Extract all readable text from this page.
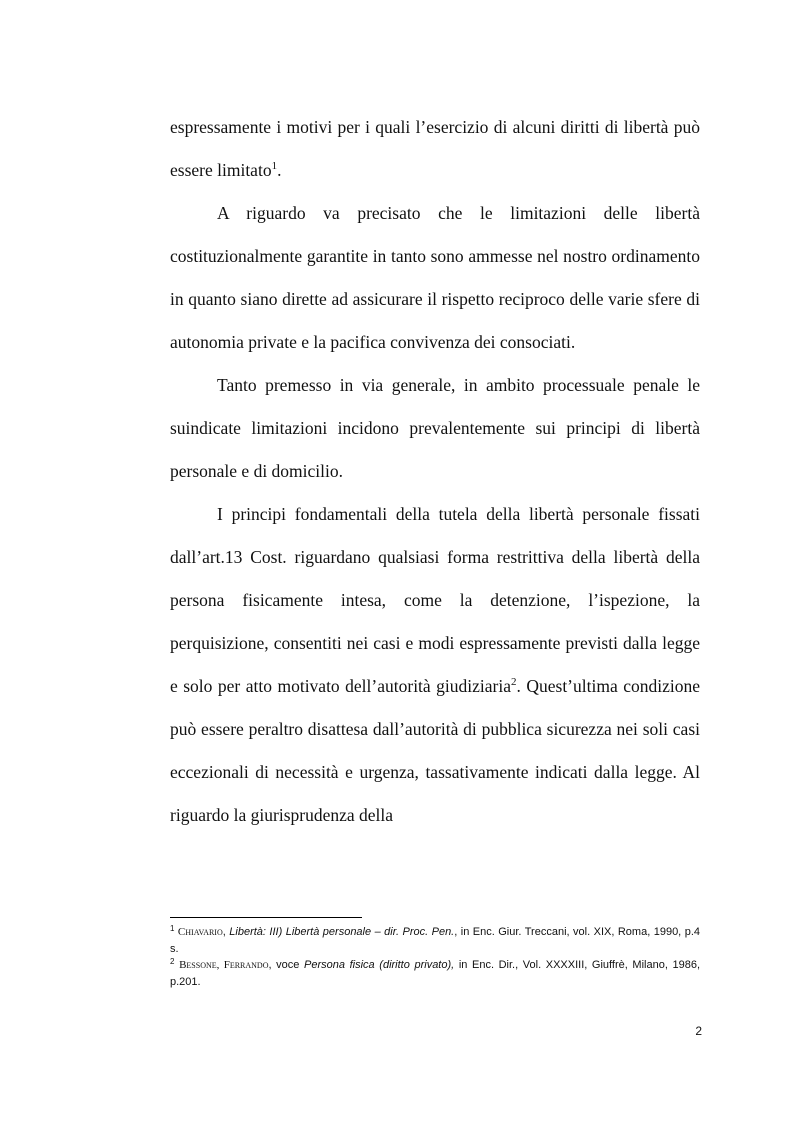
espressamente i motivi per i quali l’esercizio di alcuni diritti di libertà può essere limitato$^1$.

A riguardo va precisato che le limitazioni delle libertà costituzionalmente garantite in tanto sono ammesse nel nostro ordinamento in quanto siano dirette ad assicurare il rispetto reciproco delle varie sfere di autonomia private e la pacifica convivenza dei consociati.

Tanto premesso in via generale, in ambito processuale penale le suindicate limitazioni incidono prevalentemente sui principi di libertà personale e di domicilio.

I principi fondamentali della tutela della libertà personale fissati dall’art.13 Cost. riguardano qualsiasi forma restrittiva della libertà della persona fisicamente intesa, come la detenzione, l’ispezione, la perquisizione, consentiti nei casi e modi espressamente previsti dalla legge e solo per atto motivato dell’autorità giudiziaria$^2$. Quest’ultima condizione può essere peraltro disattesa dall’autorità di pubblica sicurezza nei soli casi eccezionali di necessità e urgenza, tassativamente indicati dalla legge. Al riguardo la giurisprudenza della

$^1$ Chiavario, Libertà: III) Libertà personale – dir. Proc. Pen., in Enc. Giur. Treccani, vol. XIX, Roma, 1990, p.4 s.

$^2$ Bessone, Ferrando, voce Persona fisica (diritto privato), in Enc. Dir., Vol. XXXXIII, Giuffrè, Milano, 1986, p.201.

2
